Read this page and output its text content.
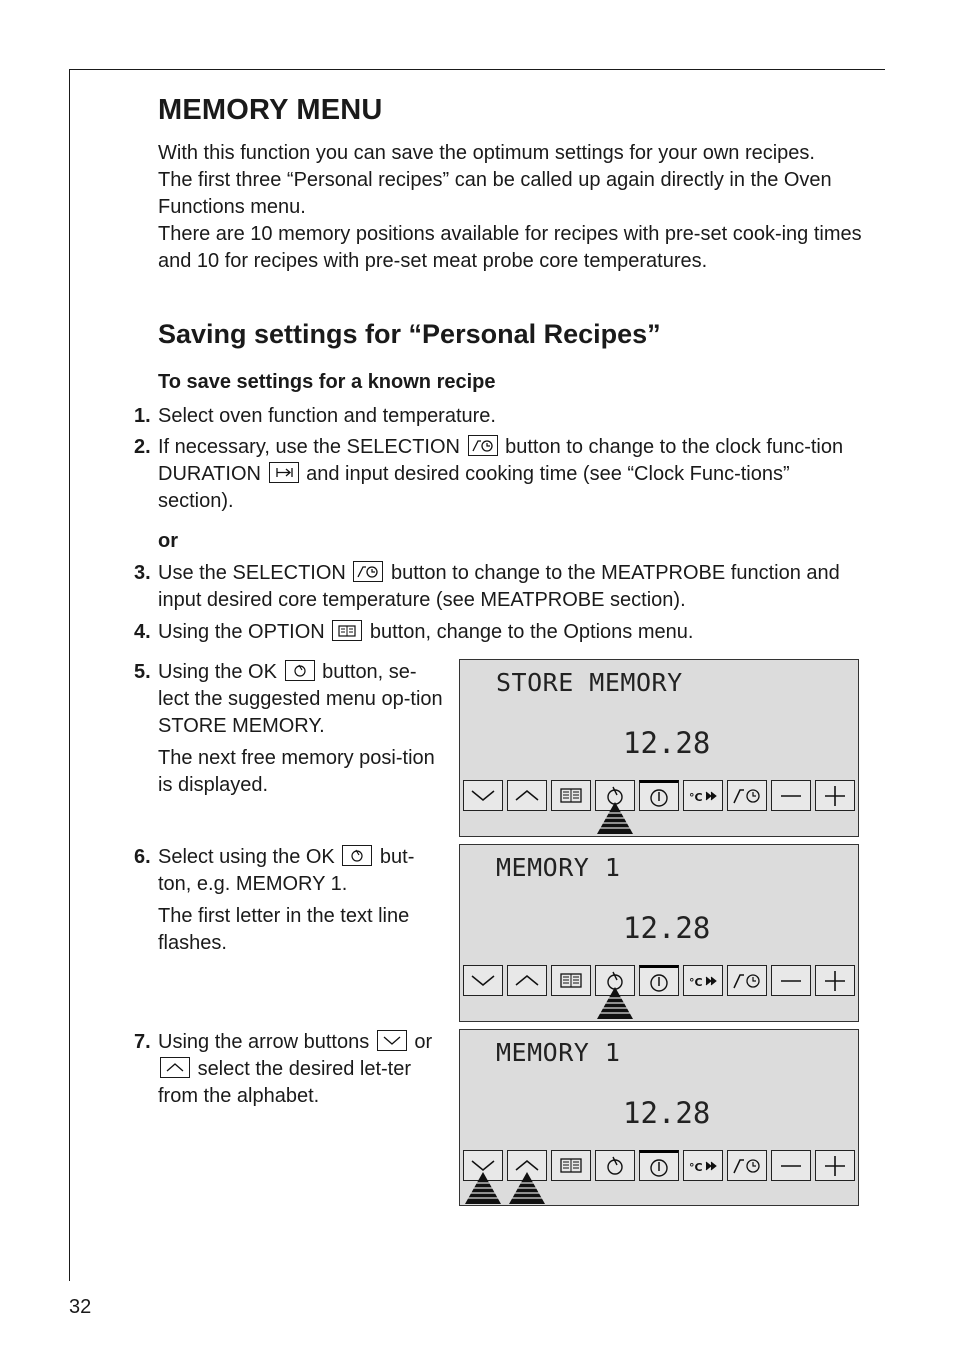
MEMORY MENU

With this function you can save the optimum settings for your own recipes.

The first three “Personal recipes” can be called up again directly in the Oven Functions menu.

There are 10 memory positions available for recipes with pre-set cook-ing times and 10 for recipes with pre-set meat probe core temperatures.

Saving settings for “Personal Recipes”
To save settings for a known recipe
1. Select oven function and temperature.

2. If necessary, use the SELECTION button to change to the clock func-tion DURATION and input desired cooking time (see “Clock Func-tions” section).

or
3. Use the SELECTION button to change to the MEATPROBE function and input desired core temperature (see MEATPROBE section).

4. Using the OPTION button, change to the Options menu.

5. Using the OK button, se-lect the suggested menu op-tion STORE MEMORY.

The next free memory posi-tion is displayed.

6. Select using the OK but-ton, e.g. MEMORY 1.

The first letter in the text line flashes.

7. Using the arrow buttons or
select the desired let-ter from the alphabet.

STORE MEMORY
12.28
°C
MEMORY 1
12.28
°C
MEMORY 1
12.28
°C
32
